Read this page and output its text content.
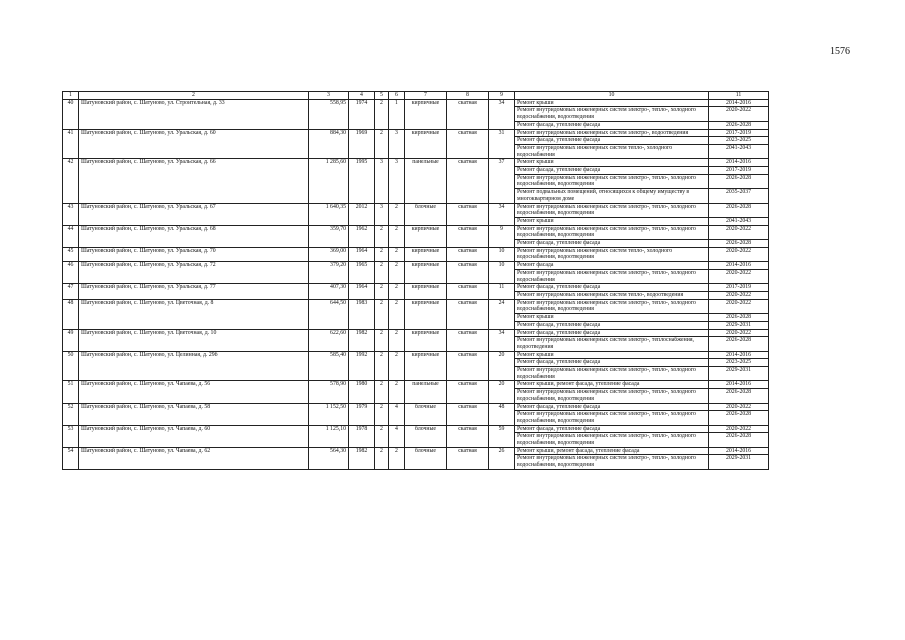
1576
1	2	3	4	5	6	7	8	9	10	11
40	Шатуновский район, с. Шатуново, ул. Строительная, д. 33	558,95	1974	2	1	кирпичные	скатная	34	Ремонт крыши	2014-2016
									Ремонт внутридомовых инженерных систем электро-, тепло-, холодного водоснабжения, водоотведения	2020-2022
									Ремонт фасада, утепление фасада	2026-2028
41	Шатуновский район, с. Шатуново, ул. Уральская, д. 60	884,30	1969	2	3	кирпичные	скатная	31	Ремонт внутридомовых инженерных систем электро-, водоотведения	2017-2019
									Ремонт фасада, утепление фасада	2023-2025
									Ремонт внутридомовых инженерных систем тепло-, холодного водоснабжения	2041-2043
42	Шатуновский район, с. Шатуново, ул. Уральская, д. 66	1 285,60	1995	3	3	панельные	скатная	37	Ремонт крыши	2014-2016
									Ремонт фасада, утепление фасада	2017-2019
									Ремонт внутридомовых инженерных систем электро-, тепло-, холодного водоснабжения, водоотведения	2026-2028
									Ремонт подвальных помещений, относящихся к общему имуществу в многоквартирном доме	2035-2037
43	Шатуновский район, с. Шатуново, ул. Уральская, д. 67	1 640,35	2012	3	2	блочные	скатная	34	Ремонт внутридомовых инженерных систем электро-, тепло-, холодного водоснабжения, водоотведения	2026-2028
									Ремонт крыши	2041-2043
44	Шатуновский район, с. Шатуново, ул. Уральская, д. 68	359,70	1962	2	2	кирпичные	скатная	9	Ремонт внутридомовых инженерных систем электро-, тепло-, холодного водоснабжения, водоотведения	2020-2022
									Ремонт фасада, утепление фасада	2026-2028
45	Шатуновский район, с. Шатуново, ул. Уральская, д. 70	369,00	1964	2	2	кирпичные	скатная	10	Ремонт внутридомовых инженерных систем тепло-, холодного водоснабжения, водоотведения	2020-2022
46	Шатуновский район, с. Шатуново, ул. Уральская, д. 72	379,20	1965	2	2	кирпичные	скатная	10	Ремонт фасада	2014-2016
									Ремонт внутридомовых инженерных систем электро-, тепло-, холодного водоснабжения	2020-2022
47	Шатуновский район, с. Шатуново, ул. Уральская, д. 77	407,30	1964	2	2	кирпичные	скатная	11	Ремонт фасада, утепление фасада	2017-2019
									Ремонт внутридомовых инженерных систем тепло-, водоотведения	2020-2022
48	Шатуновский район, с. Шатуново, ул. Цветочная, д. 8	644,50	1983	2	2	кирпичные	скатная	24	Ремонт внутридомовых инженерных систем электро-, тепло-, холодного водоснабжения, водоотведения	2020-2022
									Ремонт крыши	2026-2028
									Ремонт фасада, утепление фасада	2029-2031
49	Шатуновский район, с. Шатуново, ул. Цветочная, д. 10	622,60	1982	2	2	кирпичные	скатная	34	Ремонт фасада, утепление фасада	2020-2022
									Ремонт внутридомовых инженерных систем электро-, теплоснабжения, водоотведения	2026-2028
50	Шатуновский район, с. Шатуново, ул. Целинная, д. 29б	585,40	1992	2	2	кирпичные	скатная	20	Ремонт крыши	2014-2016
									Ремонт фасада, утепление фасада	2023-2025
									Ремонт внутридомовых инженерных систем электро-, тепло-, холодного водоснабжения	2029-2031
51	Шатуновский район, с. Шатуново, ул. Чапаева, д. 56	578,90	1980	2	2	панельные	скатная	20	Ремонт крыши, ремонт фасада, утепление фасада	2014-2016
									Ремонт внутридомовых инженерных систем электро-, тепло-, холодного водоснабжения, водоотведения	2026-2028
52	Шатуновский район, с. Шатуново, ул. Чапаева, д. 58	1 152,50	1979	2	4	блочные	скатная	48	Ремонт фасада, утепление фасада	2020-2022
									Ремонт внутридомовых инженерных систем электро-, тепло-, холодного водоснабжения, водоотведения	2026-2028
53	Шатуновский район, с. Шатуново, ул. Чапаева, д. 60	1 125,10	1978	2	4	блочные	скатная	59	Ремонт фасада, утепление фасада	2020-2022
									Ремонт внутридомовых инженерных систем электро-, тепло-, холодного водоснабжения, водоотведения	2026-2028
54	Шатуновский район, с. Шатуново, ул. Чапаева, д. 62	564,30	1982	2	2	блочные	скатная	26	Ремонт крыши, ремонт фасада, утепление фасада	2014-2016
									Ремонт внутридомовых инженерных систем электро-, тепло-, холодного водоснабжения, водоотведения	2029-2031
